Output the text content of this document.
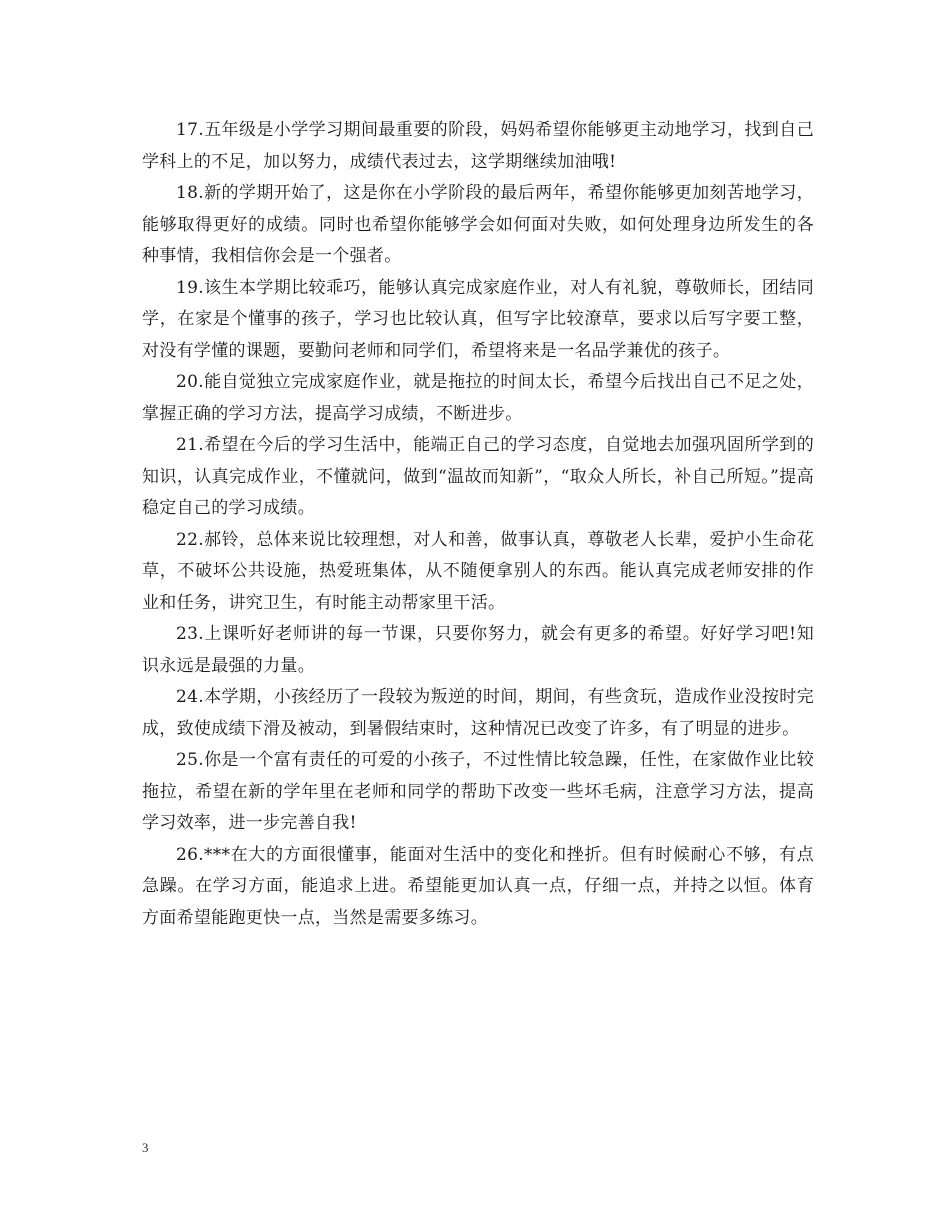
17.五年级是小学学习期间最重要的阶段，妈妈希望你能够更主动地学习，找到自己学科上的不足，加以努力，成绩代表过去，这学期继续加油哦!

18.新的学期开始了，这是你在小学阶段的最后两年，希望你能够更加刻苦地学习，能够取得更好的成绩。同时也希望你能够学会如何面对失败，如何处理身边所发生的各种事情，我相信你会是一个强者。

19.该生本学期比较乖巧，能够认真完成家庭作业，对人有礼貌，尊敬师长，团结同学，在家是个懂事的孩子，学习也比较认真，但写字比较潦草，要求以后写字要工整，对没有学懂的课题，要勤问老师和同学们，希望将来是一名品学兼优的孩子。

20.能自觉独立完成家庭作业，就是拖拉的时间太长，希望今后找出自己不足之处，掌握正确的学习方法，提高学习成绩，不断进步。

21.希望在今后的学习生活中，能端正自己的学习态度，自觉地去加强巩固所学到的知识，认真完成作业，不懂就问，做到“温故而知新”，“取众人所长，补自己所短。”提高稳定自己的学习成绩。

22.郝铃，总体来说比较理想，对人和善，做事认真，尊敬老人长辈，爱护小生命花草，不破坏公共设施，热爱班集体，从不随便拿别人的东西。能认真完成老师安排的作业和任务，讲究卫生，有时能主动帮家里干活。

23.上课听好老师讲的每一节课，只要你努力，就会有更多的希望。好好学习吧!知识永远是最强的力量。

24.本学期，小孩经历了一段较为叛逆的时间，期间，有些贪玩，造成作业没按时完成，致使成绩下滑及被动，到暑假结束时，这种情况已改变了许多，有了明显的进步。

25.你是一个富有责任的可爱的小孩子，不过性情比较急躁，任性，在家做作业比较拖拉，希望在新的学年里在老师和同学的帮助下改变一些坏毛病，注意学习方法，提高学习效率，进一步完善自我!

26.***在大的方面很懂事，能面对生活中的变化和挫折。但有时候耐心不够，有点急躁。在学习方面，能追求上进。希望能更加认真一点，仔细一点，并持之以恒。体育方面希望能跑更快一点，当然是需要多练习。

3
